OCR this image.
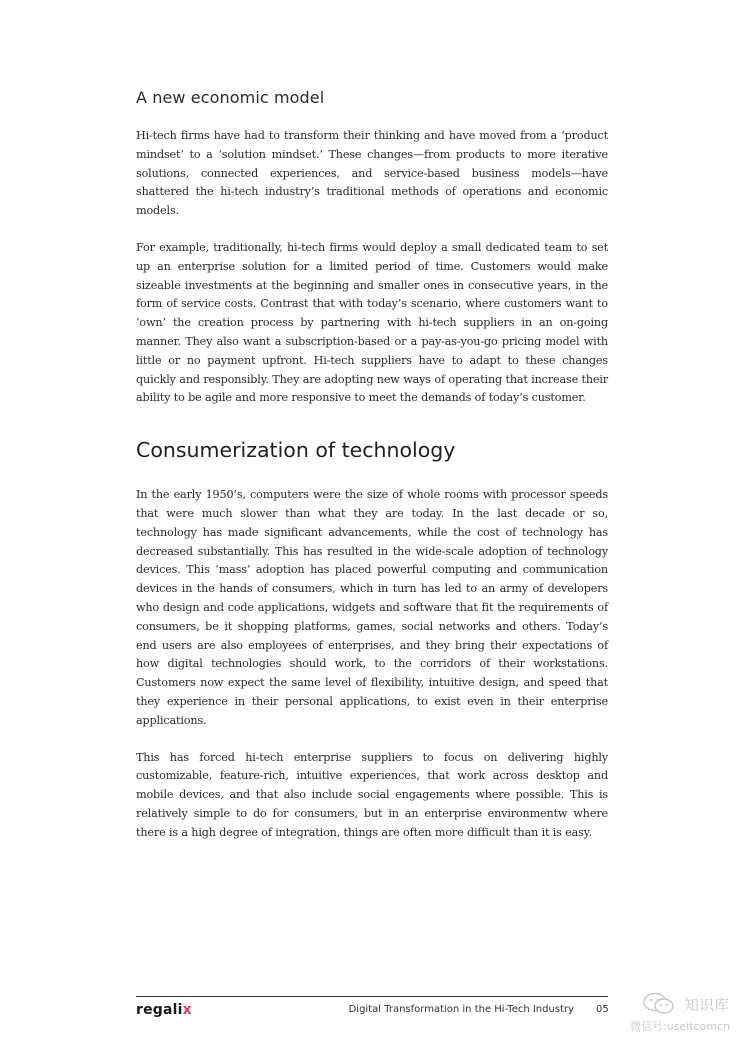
A new economic model

Hi-tech firms have had to transform their thinking and have moved from a ‘product mindset’ to a ‘solution mindset.’ These changes—from products to more iterative solutions, connected experiences, and service-based business models—have shattered the hi-tech industry’s traditional methods of operations and economic models.

For example, traditionally, hi-tech firms would deploy a small dedicated team to set up an enterprise solution for a limited period of time. Customers would make sizeable investments at the beginning and smaller ones in consecutive years, in the form of service costs. Contrast that with today’s scenario, where customers want to ‘own’ the creation process by partnering with hi-tech suppliers in an on-going manner. They also want a subscription-based or a pay-as-you-go pricing model with little or no payment upfront. Hi-tech suppliers have to adapt to these changes quickly and responsibly. They are adopting new ways of operating that increase their ability to be agile and more responsive to meet the demands of today’s customer.

Consumerization of technology

In the early 1950’s, computers were the size of whole rooms with processor speeds that were much slower than what they are today. In the last decade or so, technology has made significant advancements, while the cost of technology has decreased substantially. This has resulted in the wide-scale adoption of technology devices. This ‘mass’ adoption has placed powerful computing and communication devices in the hands of consumers, which in turn has led to an army of developers who design and code applications, widgets and software that fit the requirements of consumers, be it shopping platforms, games, social networks and others. Today’s end users are also employees of enterprises, and they bring their expectations of how digital technologies should work, to the corridors of their workstations. Customers now expect the same level of flexibility, intuitive design, and speed that they experience in their personal applications, to exist even in their enterprise applications.

This has forced hi-tech enterprise suppliers to focus on delivering highly customizable, feature-rich, intuitive experiences, that work across desktop and mobile devices, and that also include social engagements where possible. This is relatively simple to do for consumers, but in an enterprise environmentw where there is a high degree of integration, things are often more difficult than it is easy.

regalix	Digital Transformation in the Hi-Tech Industry 05	知识库
微信号:useitcomcn
